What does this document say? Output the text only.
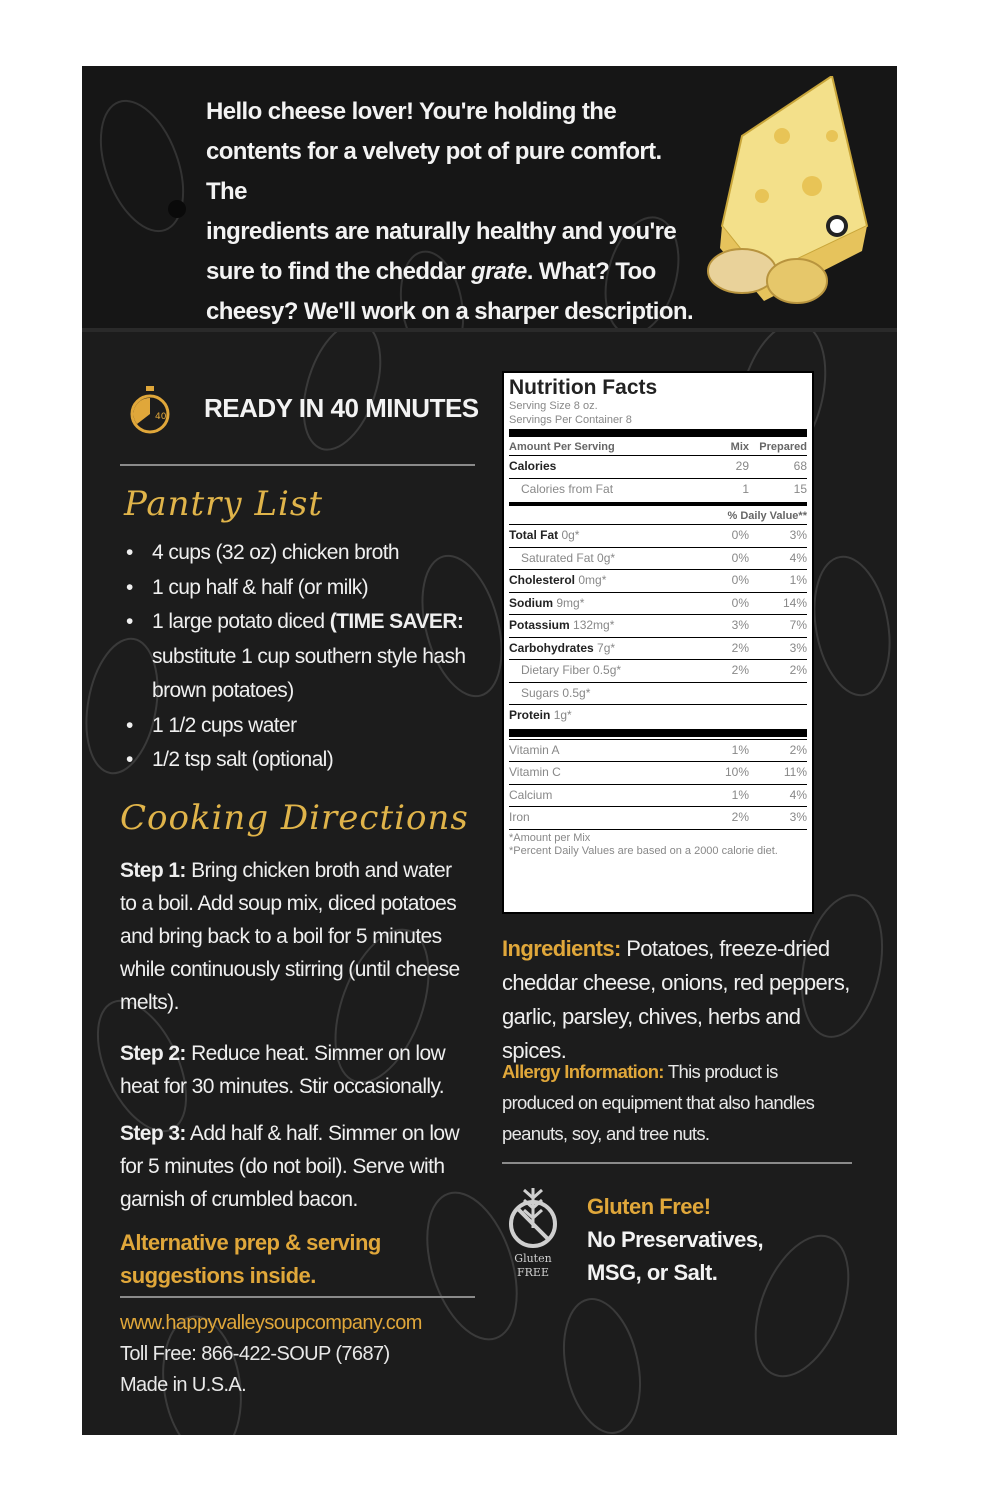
Hello cheese lover! You're holding the
contents for a velvety pot of pure comfort. The
ingredients are naturally healthy and you're
sure to find the cheddar grate. What? Too
cheesy? We'll work on a sharper description.
40 READY IN 40 MINUTES
Pantry List
• 4 cups (32 oz) chicken broth
• 1 cup half & half (or milk)
• 1 large potato diced (TIME SAVER: substitute 1 cup southern style hash brown potatoes)
• 1 1/2 cups water
• 1/2 tsp salt (optional)
Cooking Directions
Step 1: Bring chicken broth and water to a boil. Add soup mix, diced potatoes and bring back to a boil for 5 minutes while continuously stirring (until cheese melts).
Step 2: Reduce heat. Simmer on low heat for 30 minutes. Stir occasionally.
Step 3: Add half & half. Simmer on low for 5 minutes (do not boil). Serve with garnish of crumbled bacon.
Alternative prep & serving suggestions inside.
www.happyvalleysoupcompany.com
Toll Free: 866-422-SOUP (7687)
Made in U.S.A.
Nutrition Facts
Serving Size 8 oz.
Servings Per Container 8
Amount Per Serving	Mix Prepared
Calories	29	68
Calories from Fat	1	15
% Daily Value**
Total Fat 0g*	0%	3%
Saturated Fat 0g*	0%	4%
Cholesterol 0mg*	0%	1%
Sodium 9mg*	0%	14%
Potassium 132mg*	3%	7%
Carbohydrates 7g*	2%	3%
Dietary Fiber 0.5g*	2%	2%
Sugars 0.5g*
Protein 1g*
Vitamin A	1%	2%
Vitamin C	10%	11%
Calcium	1%	4%
Iron	2%	3%
*Amount per Mix
*Percent Daily Values are based on a 2000 calorie diet.
Ingredients: Potatoes, freeze-dried cheddar cheese, onions, red peppers, garlic, parsley, chives, herbs and spices.
Allergy Information: This product is produced on equipment that also handles peanuts, soy, and tree nuts.
Gluten
FREE
Gluten Free!
No Preservatives,
MSG, or Salt.
